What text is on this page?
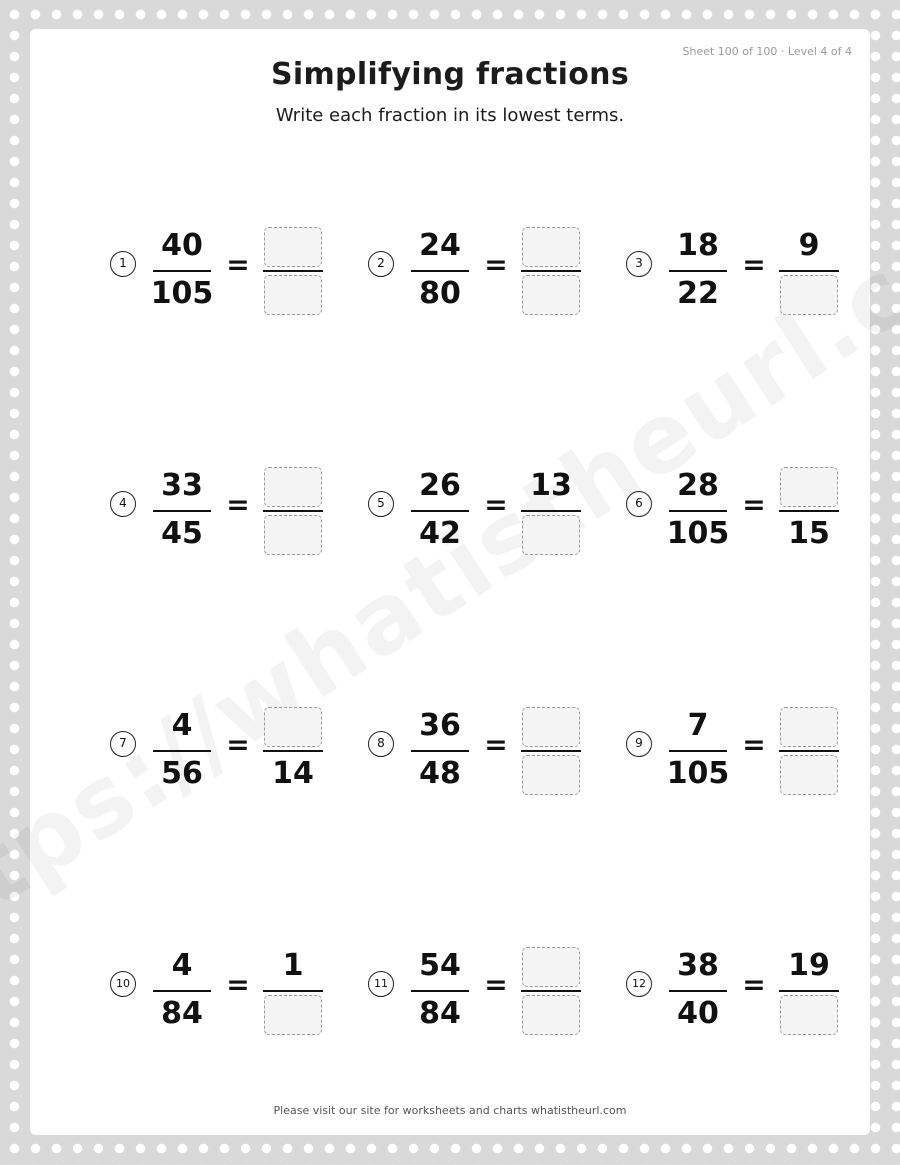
Sheet 100 of 100 · Level 4 of 4
Simplifying fractions
Write each fraction in its lowest terms.
1	40
105
=	2	24
80
=	3	18
22
=
9
4	33
45
=	5	26
42
=
13	6	28
105
=
15
7	4
56
=
14
8	36
48
=	9	7
105
=
10
4
84
=
1
11
54
84
=	12
38
40
=
19
Please visit our site for worksheets and charts whatistheurl.com
